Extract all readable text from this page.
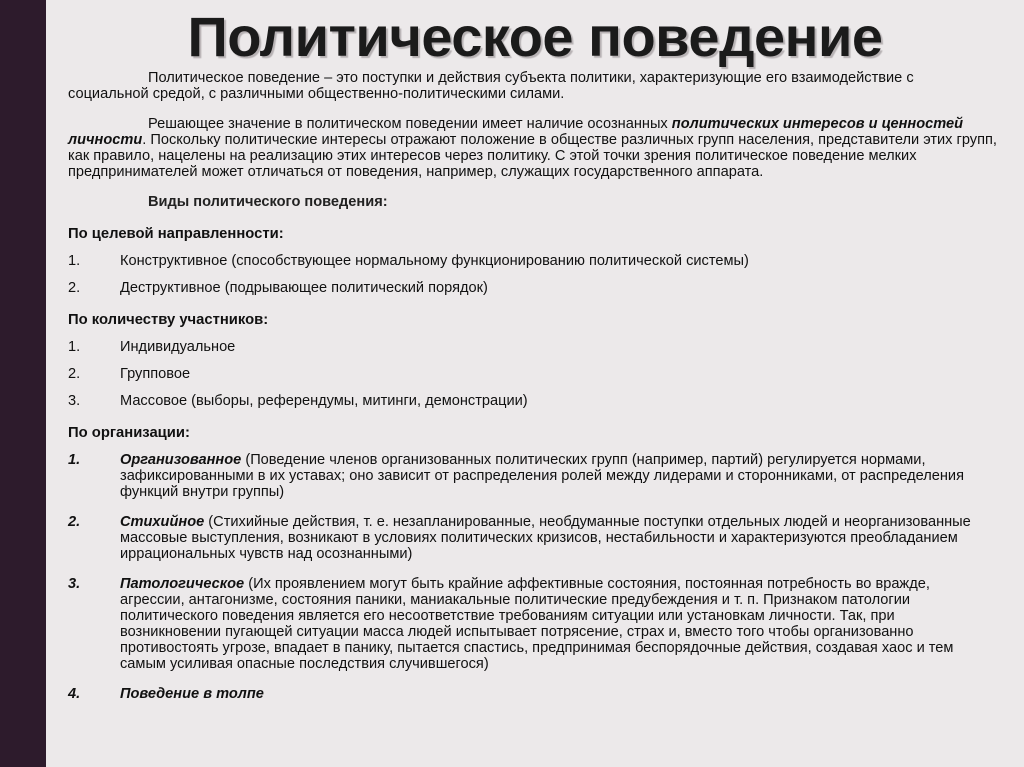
Политическое поведение

Политическое поведение – это поступки и действия субъекта политики, характеризующие его взаимодействие с социальной средой, с различными общественно-политическими силами.

Решающее значение в политическом поведении имеет наличие осознанных политических интересов и ценностей личности. Поскольку политические интересы отражают положение в обществе различных групп населения, представители этих групп, как правило, нацелены на реализацию этих интересов через политику. С этой точки зрения политическое поведение мелких предпринимателей может отличаться от поведения, например, служащих государственного аппарата.

Виды политического поведения:
По целевой направленности:
1.	Конструктивное (способствующее нормальному функционированию политической системы)
2.	Деструктивное (подрывающее политический порядок)
По количеству участников:
1.	Индивидуальное
2.	Групповое
3.	Массовое (выборы, референдумы, митинги, демонстрации)
По организации:
1.	Организованное (Поведение членов организованных политических групп (например, партий) регулируется нормами, зафиксированными в их уставах; оно зависит от распределения ролей между лидерами и сторонниками, от распределения функций внутри группы)
2.	Стихийное (Стихийные действия, т. е. незапланированные, необдуманные поступки отдельных людей и неорганизованные массовые выступления, возникают в условиях политических кризисов, нестабильности и характеризуются преобладанием иррациональных чувств над осознанными)
3.	Патологическое (Их проявлением могут быть крайние аффективные состояния, постоянная потребность во вражде, агрессии, антагонизме, состояния паники, маниакальные политические предубеждения и т. п. Признаком патологии политического поведения является его несоответствие требованиям ситуации или установкам личности. Так, при возникновении пугающей ситуации масса людей испытывает потрясение, страх и, вместо того чтобы организованно противостоять угрозе, впадает в панику, пытается спастись, предпринимая беспорядочные действия, создавая хаос и тем самым усиливая опасные последствия случившегося)
4.	Поведение в толпе
